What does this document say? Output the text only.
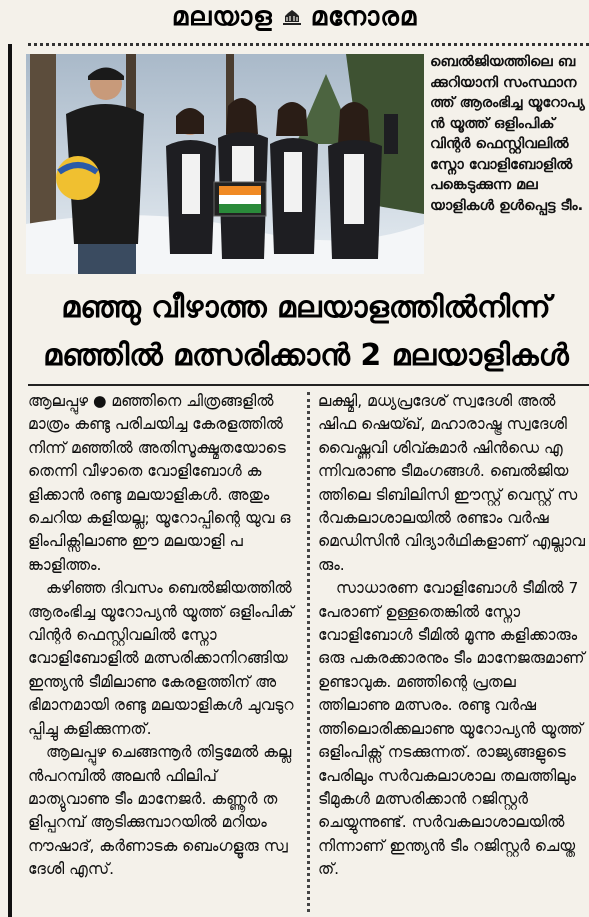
മലയാള മനോരമ
ബെൽജിയത്തിലെ ബക്കുറിയാനി സംസ്ഥാനത്ത് ആരംഭിച്ച യൂറോപ്യൻ യൂത്ത് ഒളിംപിക് വിന്റർ ഫെസ്റ്റിവലിൽ സ്നോ വോളിബോളിൽ പങ്കെടുക്കുന്ന മലയാളികൾ ഉൾപ്പെട്ട ടീം.
മഞ്ഞു വീഴാത്ത മലയാളത്തിൽനിന്ന്
മഞ്ഞിൽ മത്സരിക്കാൻ 2 മലയാളികൾ

ആലപ്പുഴ ● മഞ്ഞിനെ ചിത്രങ്ങളിൽ മാത്രം കണ്ടു പരിചയിച്ച കേരളത്തിൽനിന്ന് മഞ്ഞിൽ അതിസൂക്ഷ്മതയോടെ തെന്നി വീഴാതെ വോളിബോൾ കളിക്കാൻ രണ്ടു മലയാളികൾ. അതും ചെറിയ കളിയല്ല; യൂറോപ്പിന്റെ യുവ ഒളിംപിക്സിലാണു ഈ മലയാളി പങ്കാളിത്തം.

കഴിഞ്ഞ ദിവസം ബെൽജിയത്തിൽ ആരംഭിച്ച യൂറോപ്യൻ യൂത്ത് ഒളിംപിക് വിന്റർ ഫെസ്റ്റിവലിൽ സ്നോ വോളിബോളിൽ മത്സരിക്കാനിറങ്ങിയ ഇന്ത്യൻ ടീമിലാണു കേരളത്തിന് അഭിമാനമായി രണ്ടു മലയാളികൾ ചുവടുറപ്പിച്ചു കളിക്കുന്നത്.

ആലപ്പുഴ ചെങ്ങന്നൂർ തിട്ടമേൽ കല്ലൻപറമ്പിൽ അലൻ ഫിലിപ് മാത്യുവാണു ടീം മാനേജർ. കണ്ണൂർ തളിപ്പറമ്പ് ആടിക്കുമ്പാറയിൽ മറിയം നൗഷാദ്, കർണാടക ബെംഗളൂരു സ്വദേശി എസ്.

ലക്ഷ്മി, മധ്യപ്രദേശ് സ്വദേശി അൽഷിഫ ഷെയ്ഖ്, മഹാരാഷ്ട്ര സ്വദേശി വൈഷ്ണവി ശിവ്കുമാർ ഷിൻഡെ എന്നിവരാണു ടീമംഗങ്ങൾ. ബെൽജിയത്തിലെ ടിബിലിസി ഈസ്റ്റ് വെസ്റ്റ് സർവകലാശാലയിൽ രണ്ടാം വർഷ മെഡിസിൻ വിദ്യാർഥികളാണ് എല്ലാവരും.

സാധാരണ വോളിബോൾ ടീമിൽ 7 പേരാണ് ഉള്ളതെങ്കിൽ സ്നോ വോളിബോൾ ടീമിൽ മൂന്നു കളിക്കാരും ഒരു പകരക്കാരനും ടീം മാനേജരുമാണ് ഉണ്ടാവുക. മഞ്ഞിന്റെ പ്രതലത്തിലാണു മത്സരം. രണ്ടു വർഷത്തിലൊരിക്കലാണു യൂറോപ്യൻ യൂത്ത് ഒളിംപിക്സ് നടക്കുന്നത്. രാജ്യങ്ങളുടെ പേരിലും സർവകലാശാല തലത്തിലും ടീമുകൾ മത്സരിക്കാൻ റജിസ്റ്റർ ചെയ്യുന്നുണ്ട്. സർവകലാശാലയിൽ നിന്നാണ് ഇന്ത്യൻ ടീം റജിസ്റ്റർ ചെയ്തത്.
